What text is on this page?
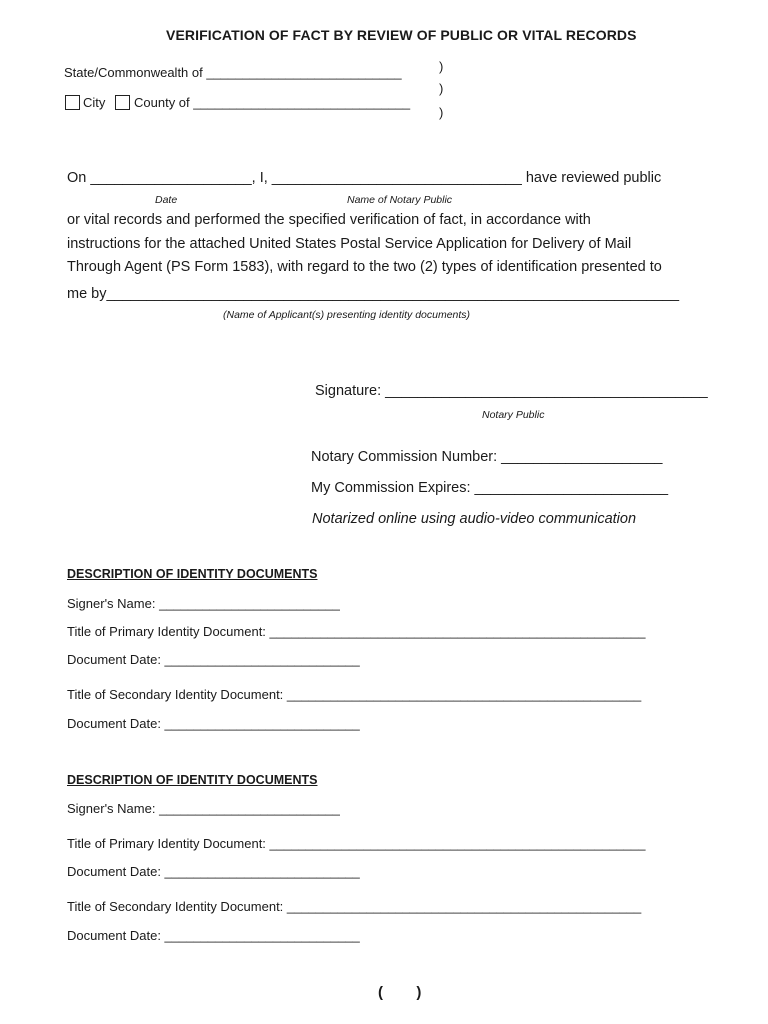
VERIFICATION OF FACT BY REVIEW OF PUBLIC OR VITAL RECORDS
State/Commonwealth of ___________________________	)
)
)
City County of ______________________________
On ____________________, I, _______________________________ have reviewed public
Date	Name of Notary Public
or vital records and performed the specified verification of fact, in accordance with
instructions for the attached United States Postal Service Application for Delivery of Mail
Through Agent (PS Form 1583), with regard to the two (2) types of identification presented to
me by_______________________________________________________________________
(Name of Applicant(s) presenting identity documents)
Signature: ________________________________________
Notary Public
Notary Commission Number: ____________________
My Commission Expires: ________________________
Notarized online using audio-video communication
DESCRIPTION OF IDENTITY DOCUMENTS
Signer's Name: _________________________
Title of Primary Identity Document: ____________________________________________________
Document Date: ___________________________
Title of Secondary Identity Document: _________________________________________________
Document Date: ___________________________
DESCRIPTION OF IDENTITY DOCUMENTS
Signer's Name: _________________________
Title of Primary Identity Document: ____________________________________________________
Document Date: ___________________________
Title of Secondary Identity Document: _________________________________________________
Document Date: ___________________________
(        )
